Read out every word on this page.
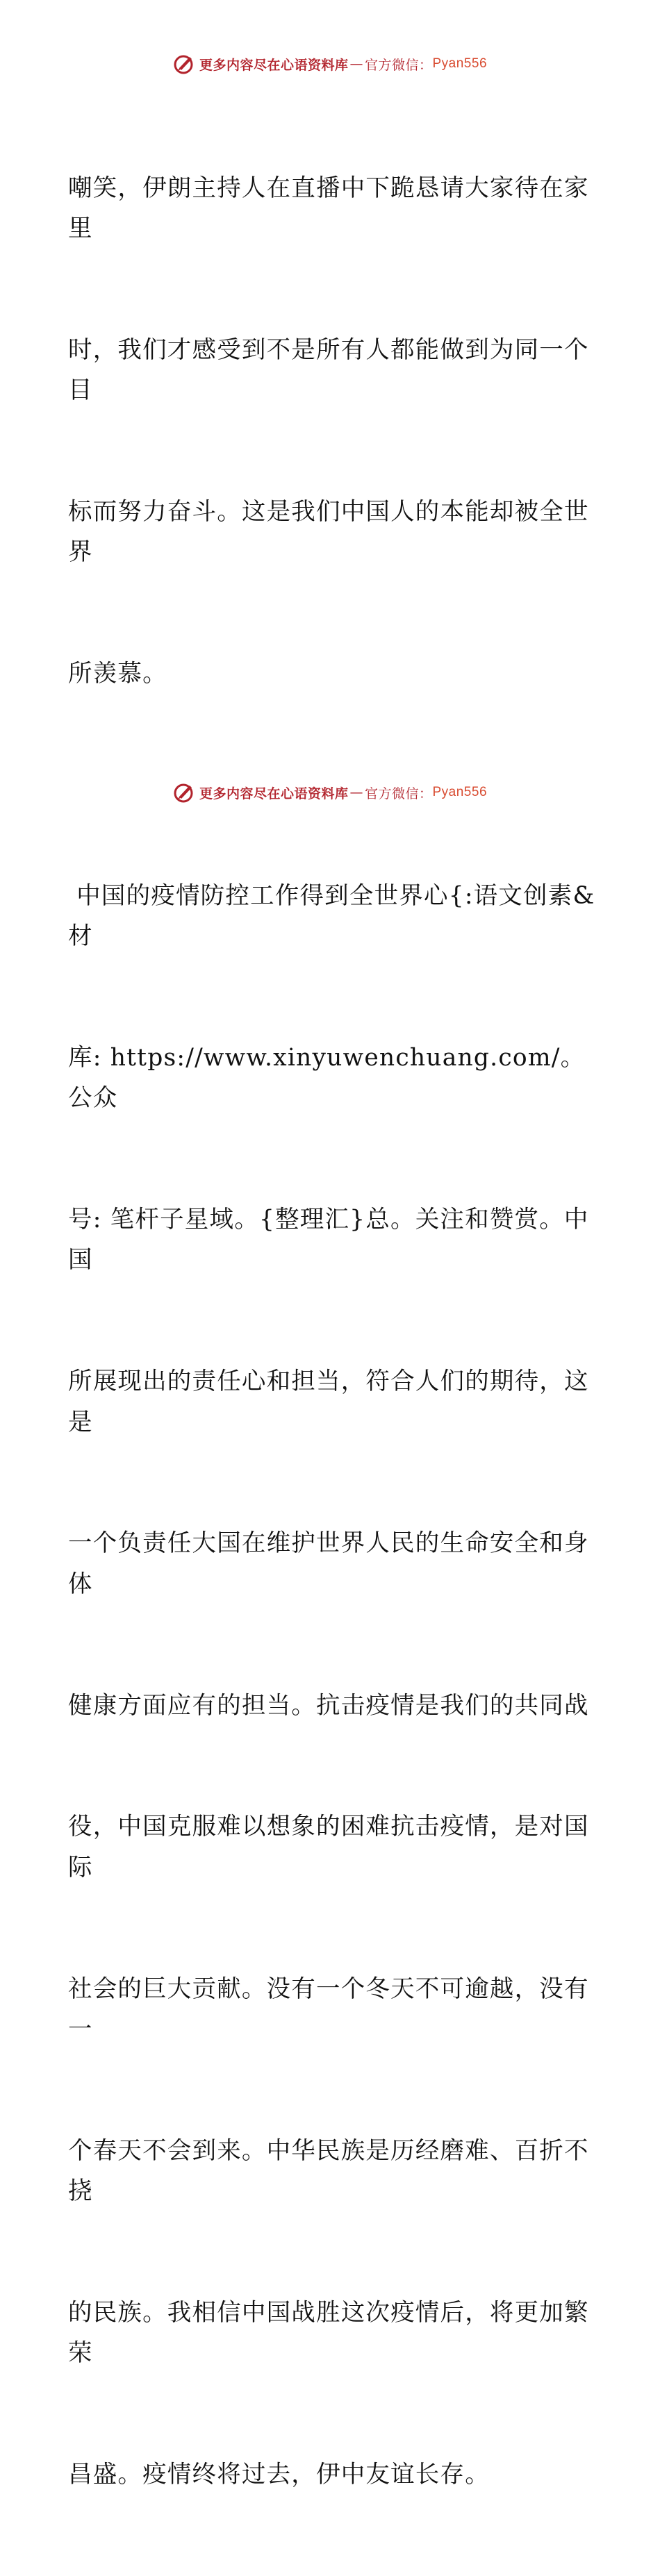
更多内容尽在心语资料库 — 官方微信： Pyan556

嘲笑，伊朗主持人在直播中下跪恳请大家待在家里

时，我们才感受到不是所有人都能做到为同一个目

标而努力奋斗。这是我们中国人的本能却被全世界

所羡慕。

中国的疫情防控工作得到全世界心{:语文创素&材

库: https://www.xinyuwenchuang.com/。公众

号: 笔杆子星域。{整理汇}总。关注和赞赏。中国

所展现出的责任心和担当，符合人们的期待，这是

一个负责任大国在维护世界人民的生命安全和身体

健康方面应有的担当。抗击疫情是我们的共同战

役，中国克服难以想象的困难抗击疫情，是对国际

社会的巨大贡献。没有一个冬天不可逾越，没有一

个春天不会到来。中华民族是历经磨难、百折不挠

的民族。我相信中国战胜这次疫情后，将更加繁荣

昌盛。疫情终将过去，伊中友谊长存。

更多内容尽在心语资料库 — 官方微信： Pyan556
